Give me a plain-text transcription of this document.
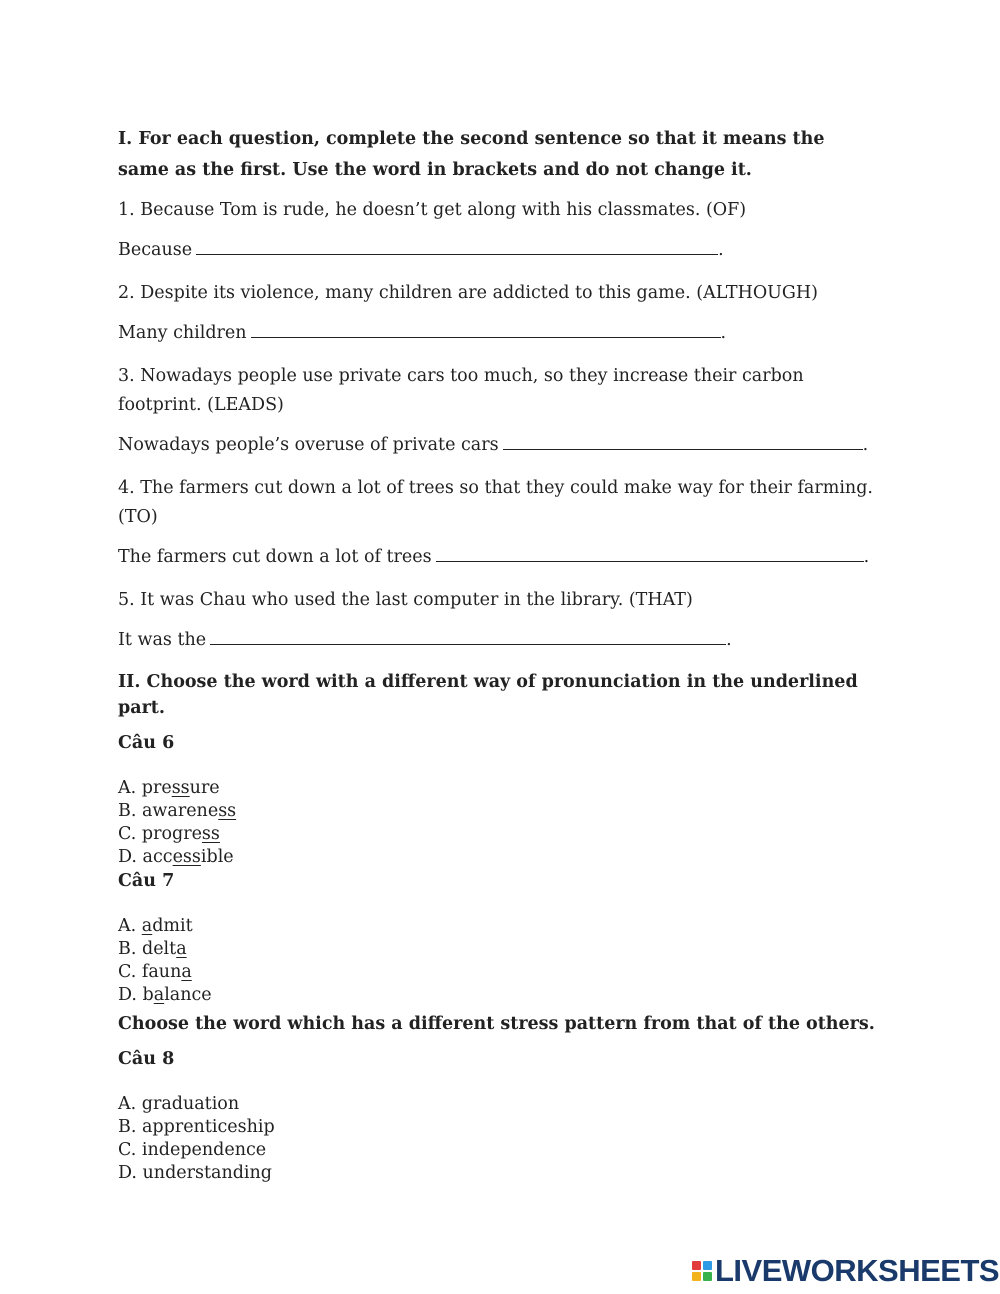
I. For each question, complete the second sentence so that it means the same as the first. Use the word in brackets and do not change it.

1. Because Tom is rude, he doesn’t get along with his classmates. (OF)

Because	.

2. Despite its violence, many children are addicted to this game. (ALTHOUGH)

Many children	.

3. Nowadays people use private cars too much, so they increase their carbon footprint. (LEADS)

Nowadays people’s overuse of private cars	.

4. The farmers cut down a lot of trees so that they could make way for their farming. (TO)

The farmers cut down a lot of trees	.

5. It was Chau who used the last computer in the library. (THAT)

It was the	.

II. Choose the word with a different way of pronunciation in the underlined part.

Câu 6

A. pressure
B. awareness
C. progress
D. accessible

Câu 7

A. admit
B. delta
C. fauna
D. balance

Choose the word which has a different stress pattern from that of the others.

Câu 8

A. graduation
B. apprenticeship
C. independence
D. understanding
LIVEWORKSHEETS
